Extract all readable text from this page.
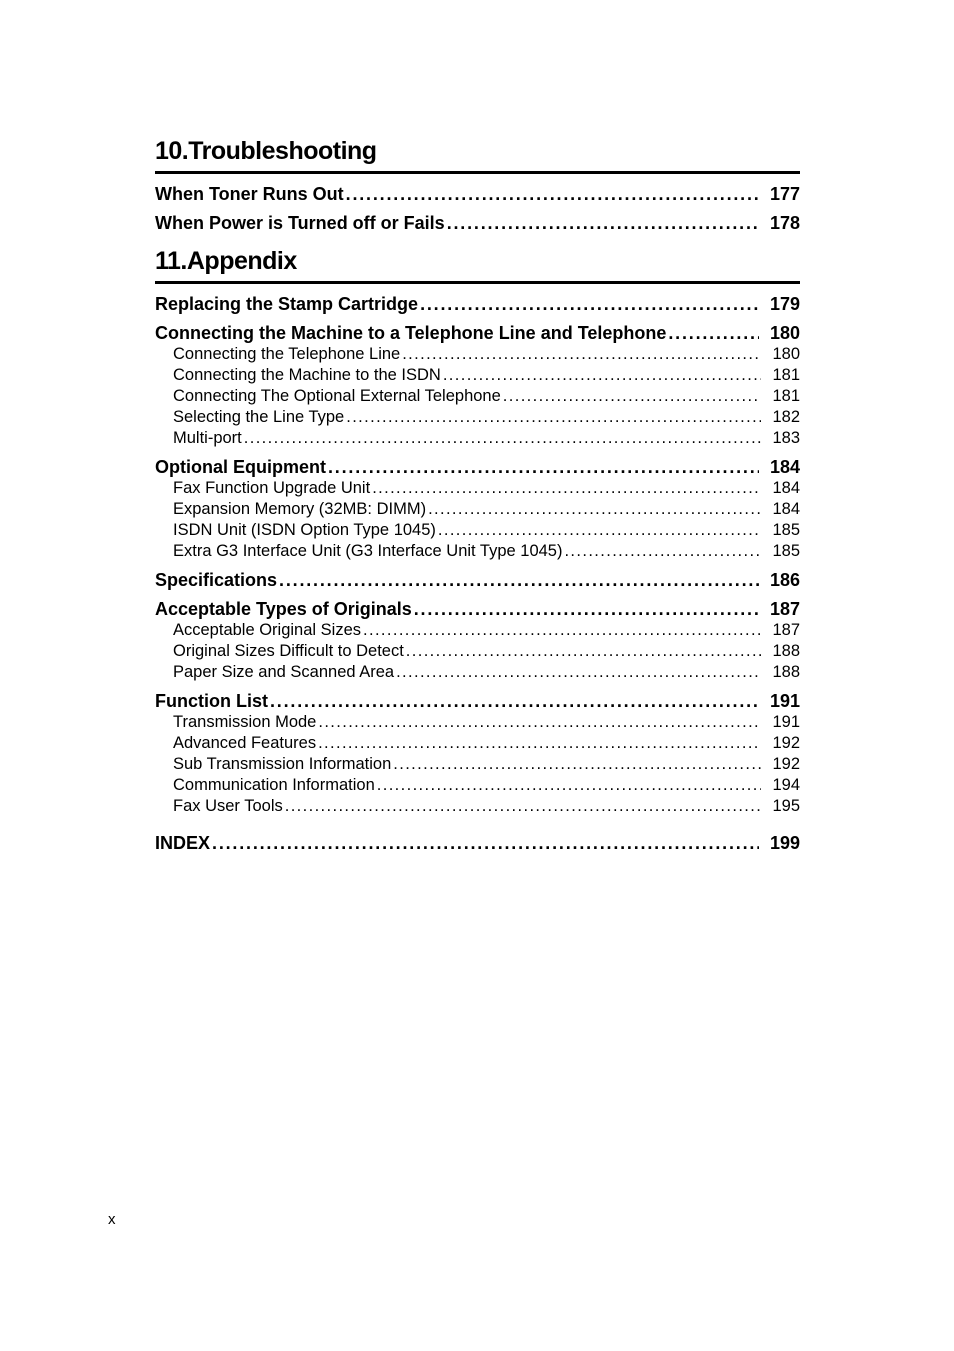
10.Troubleshooting
When Toner Runs Out . . .	177
When Power is Turned off or Fails . . .	178
11.Appendix
Replacing the Stamp Cartridge . . .	179
Connecting the Machine to a Telephone Line and Telephone . . .	180
Connecting the Telephone Line . . .	180
Connecting the Machine to the ISDN . . .	181
Connecting The Optional External Telephone . . .	181
Selecting the Line Type . . .	182
Multi-port . . .	183
Optional Equipment . . .	184
Fax Function Upgrade Unit . . .	184
Expansion Memory (32MB: DIMM) . . .	184
ISDN Unit (ISDN Option Type 1045) . . .	185
Extra G3 Interface Unit (G3 Interface Unit Type 1045) . . .	185
Specifications . . .	186
Acceptable Types of Originals . . .	187
Acceptable Original Sizes . . .	187
Original Sizes Difficult to Detect . . .	188
Paper Size and Scanned Area . . .	188
Function List . . .	191
Transmission Mode . . .	191
Advanced Features . . .	192
Sub Transmission Information . . .	192
Communication Information . . .	194
Fax User Tools . . .	195
INDEX . . .	199
x
